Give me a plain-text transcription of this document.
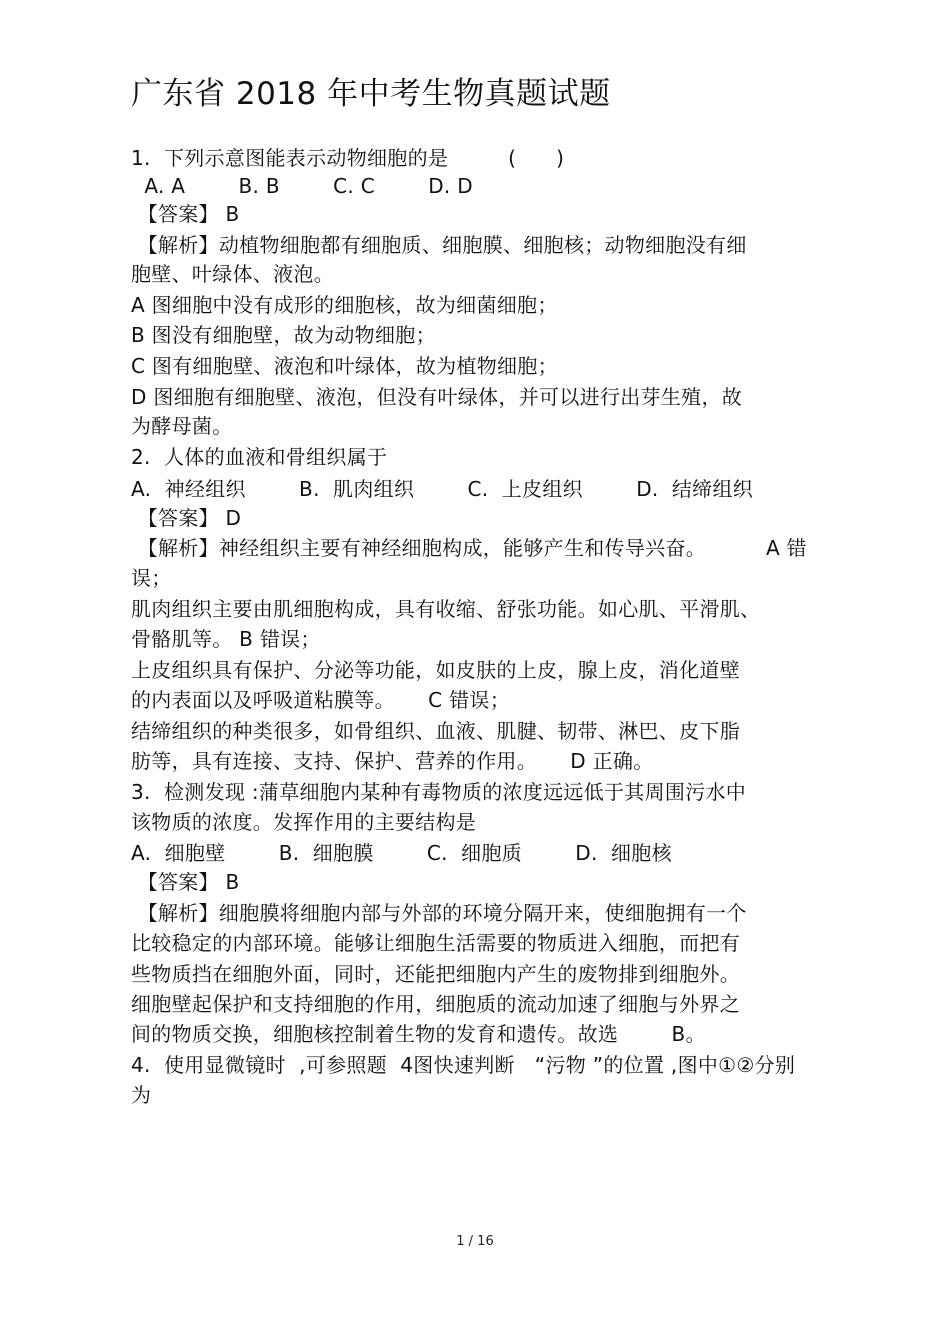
广东省 2018 年中考生物真题试题
1.  下列示意图能表示动物细胞的是         (      )
A. A        B. B        C. C        D. D
【答案】 B
【解析】动植物细胞都有细胞质、细胞膜、细胞核；动物细胞没有细
胞壁、叶绿体、液泡。
A 图细胞中没有成形的细胞核，故为细菌细胞；
B 图没有细胞壁，故为动物细胞；
C 图有细胞壁、液泡和叶绿体，故为植物细胞；
D 图细胞有细胞壁、液泡，但没有叶绿体，并可以进行出芽生殖，故
为酵母菌。
2.  人体的血液和骨组织属于
A.  神经组织        B.  肌肉组织        C.  上皮组织        D.  结缔组织
【答案】 D
【解析】神经组织主要有神经细胞构成，能够产生和传导兴奋。         A 错
误；
肌肉组织主要由肌细胞构成，具有收缩、舒张功能。如心肌、平滑肌、
骨骼肌等。 B 错误；
上皮组织具有保护、分泌等功能，如皮肤的上皮，腺上皮，消化道壁
的内表面以及呼吸道粘膜等。     C 错误；
结缔组织的种类很多，如骨组织、血液、肌腱、韧带、淋巴、皮下脂
肪等，具有连接、支持、保护、营养的作用。     D 正确。
3.  检测发现 :蒲草细胞内某种有毒物质的浓度远远低于其周围污水中
该物质的浓度。发挥作用的主要结构是
A.  细胞壁        B.  细胞膜        C.  细胞质        D.  细胞核
【答案】 B
【解析】细胞膜将细胞内部与外部的环境分隔开来，使细胞拥有一个
比较稳定的内部环境。能够让细胞生活需要的物质进入细胞，而把有
些物质挡在细胞外面，同时，还能把细胞内产生的废物排到细胞外。
细胞壁起保护和支持细胞的作用，细胞质的流动加速了细胞与外界之
间的物质交换，细胞核控制着生物的发育和遗传。故选        B。
4.  使用显微镜时  ,可参照题  4图快速判断   “污物 ”的位置 ,图中①②分别
为
1 / 16
